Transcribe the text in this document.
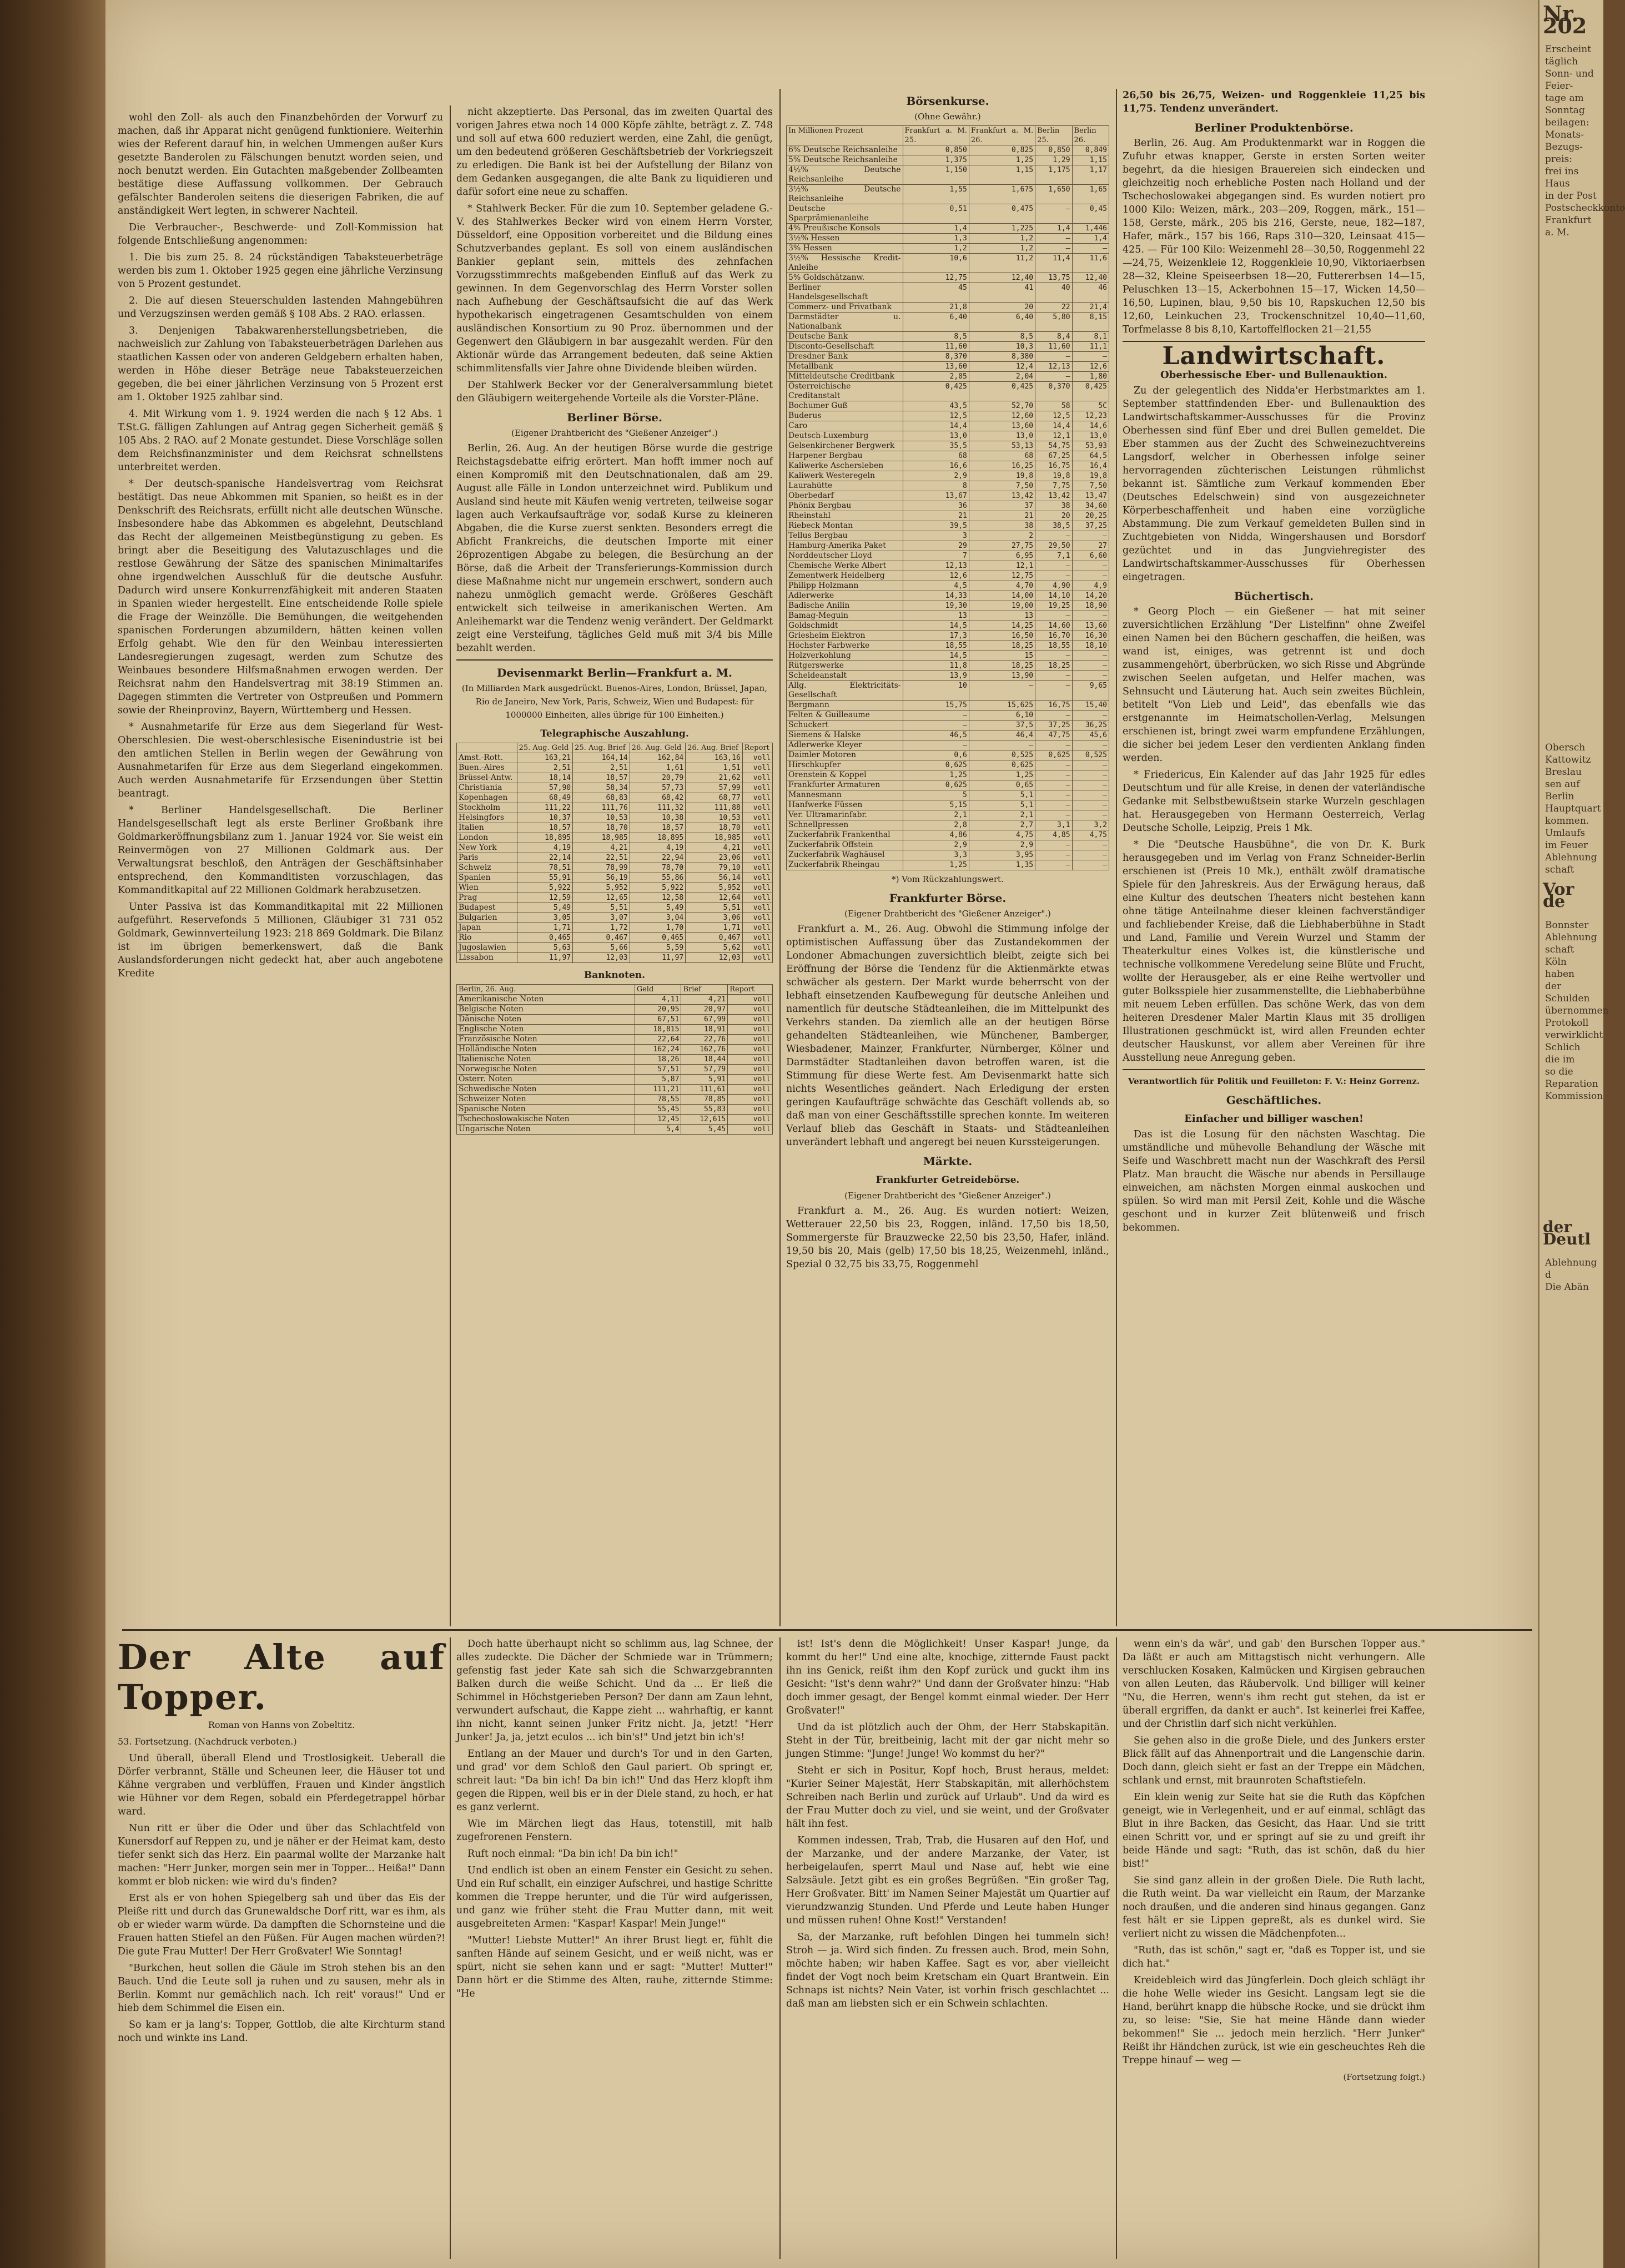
wohl den Zoll- als auch den Finanzbehörden der Vorwurf zu machen, daß ihr Apparat nicht genügend funktioniere. Weiterhin wies der Referent darauf hin, in welchen Ummengen außer Kurs gesetzte Banderolen zu Fälschungen benutzt worden seien, und noch benutzt werden. Ein Gutachten maßgebender Zollbeamten bestätige diese Auffassung vollkommen. Der Gebrauch gefälschter Banderolen seitens die dieserigen Fabriken, die auf anständigkeit Wert legten, in schwerer Nachteil.

Die Verbraucher-, Beschwerde- und Zoll-Kommission hat folgende Entschließung angenommen:

1. Die bis zum 25. 8. 24 rückständigen Tabaksteuerbeträge werden bis zum 1. Oktober 1925 gegen eine jährliche Verzinsung von 5 Prozent gestundet.

2. Die auf diesen Steuerschulden lastenden Mahngebühren und Verzugszinsen werden gemäß § 108 Abs. 2 RAO. erlassen.

3. Denjenigen Tabakwarenherstellungsbetrieben, die nachweislich zur Zahlung von Tabaksteuerbeträgen Darlehen aus staatlichen Kassen oder von anderen Geldgebern erhalten haben, werden in Höhe dieser Beträge neue Tabaksteuerzeichen gegeben, die bei einer jährlichen Verzinsung von 5 Prozent erst am 1. Oktober 1925 zahlbar sind.

4. Mit Wirkung vom 1. 9. 1924 werden die nach § 12 Abs. 1 T.St.G. fälligen Zahlungen auf Antrag gegen Sicherheit gemäß § 105 Abs. 2 RAO. auf 2 Monate gestundet. Diese Vorschläge sollen dem Reichsfinanzminister und dem Reichsrat schnellstens unterbreitet werden.

* Der deutsch-spanische Handelsvertrag vom Reichsrat bestätigt. Das neue Abkommen mit Spanien, so heißt es in der Denkschrift des Reichsrats, erfüllt nicht alle deutschen Wünsche. Insbesondere habe das Abkommen es abgelehnt, Deutschland das Recht der allgemeinen Meistbegünstigung zu geben. Es bringt aber die Beseitigung des Valutazuschlages und die restlose Gewährung der Sätze des spanischen Minimaltarifes ohne irgendwelchen Ausschluß für die deutsche Ausfuhr. Dadurch wird unsere Konkurrenzfähigkeit mit anderen Staaten in Spanien wieder hergestellt. Eine entscheidende Rolle spiele die Frage der Weinzölle. Die Bemühungen, die weitgehenden spanischen Forderungen abzumildern, hätten keinen vollen Erfolg gehabt. Wie den für den Weinbau interessierten Landesregierungen zugesagt, werden zum Schutze des Weinbaues besondere Hilfsmaßnahmen erwogen werden. Der Reichsrat nahm den Handelsvertrag mit 38:19 Stimmen an. Dagegen stimmten die Vertreter von Ostpreußen und Pommern sowie der Rheinprovinz, Bayern, Württemberg und Hessen.

* Ausnahmetarife für Erze aus dem Siegerland für West-Oberschlesien. Die west-oberschlesische Eisenindustrie ist bei den amtlichen Stellen in Berlin wegen der Gewährung von Ausnahmetarifen für Erze aus dem Siegerland eingekommen. Auch werden Ausnahmetarife für Erzsendungen über Stettin beantragt.

* Berliner Handelsgesellschaft. Die Berliner Handelsgesellschaft legt als erste Berliner Großbank ihre Goldmarkeröffnungsbilanz zum 1. Januar 1924 vor. Sie weist ein Reinvermögen von 27 Millionen Goldmark aus. Der Verwaltungsrat beschloß, den Anträgen der Geschäftsinhaber entsprechend, den Kommanditisten vorzuschlagen, das Kommanditkapital auf 22 Millionen Goldmark herabzusetzen.

Unter Passiva ist das Kommanditkapital mit 22 Millionen aufgeführt. Reservefonds 5 Millionen, Gläubiger 31 731 052 Goldmark, Gewinnverteilung 1923: 218 869 Goldmark. Die Bilanz ist im übrigen bemerkenswert, daß die Bank Auslandsforderungen nicht gedeckt hat, aber auch angebotene Kredite

nicht akzeptierte. Das Personal, das im zweiten Quartal des vorigen Jahres etwa noch 14 000 Köpfe zählte, beträgt z. Z. 748 und soll auf etwa 600 reduziert werden, eine Zahl, die genügt, um den bedeutend größeren Geschäftsbetrieb der Vorkriegszeit zu erledigen. Die Bank ist bei der Aufstellung der Bilanz von dem Gedanken ausgegangen, die alte Bank zu liquidieren und dafür sofort eine neue zu schaffen.

* Stahlwerk Becker. Für die zum 10. September geladene G.-V. des Stahlwerkes Becker wird von einem Herrn Vorster, Düsseldorf, eine Opposition vorbereitet und die Bildung eines Schutzverbandes geplant. Es soll von einem ausländischen Bankier geplant sein, mittels des zehnfachen Vorzugsstimmrechts maßgebenden Einfluß auf das Werk zu gewinnen. In dem Gegenvorschlag des Herrn Vorster sollen nach Aufhebung der Geschäftsaufsicht die auf das Werk hypothekarisch eingetragenen Gesamtschulden von einem ausländischen Konsortium zu 90 Proz. übernommen und der Gegenwert den Gläubigern in bar ausgezahlt werden. Für den Aktionär würde das Arrangement bedeuten, daß seine Aktien schimmlitensfalls vier Jahre ohne Dividende bleiben würden.

Der Stahlwerk Becker vor der Generalversammlung bietet den Gläubigern weitergehende Vorteile als die Vorster-Pläne.

Berliner Börse.
(Eigener Drahtbericht des "Gießener Anzeiger".)

Berlin, 26. Aug. An der heutigen Börse wurde die gestrige Reichstagsdebatte eifrig erörtert. Man hofft immer noch auf einen Kompromiß mit den Deutschnationalen, daß am 29. August alle Fälle in London unterzeichnet wird. Publikum und Ausland sind heute mit Käufen wenig vertreten, teilweise sogar lagen auch Verkaufsaufträge vor, sodaß Kurse zu kleineren Abgaben, die die Kurse zuerst senkten. Besonders erregt die Abficht Frankreichs, die deutschen Importe mit einer 26prozentigen Abgabe zu belegen, die Besürchung an der Börse, daß die Arbeit der Transferierungs-Kommission durch diese Maßnahme nicht nur ungemein erschwert, sondern auch nahezu unmöglich gemacht werde. Größeres Geschäft entwickelt sich teilweise in amerikanischen Werten. Am Anleihemarkt war die Tendenz wenig verändert. Der Geldmarkt zeigt eine Versteifung, tägliches Geld muß mit 3/4 bis Mille bezahlt werden.

Devisenmarkt Berlin—Frankfurt a. M.
(In Milliarden Mark ausgedrückt. Buenos-Aires, London, Brüssel, Japan, Rio de Janeiro, New York, Paris, Schweiz, Wien und Budapest: für 1000000 Einheiten, alles übrige für 100 Einheiten.)
Telegraphische Auszahlung.
	25. Aug. Geld	25. Aug. Brief	26. Aug. Geld	26. Aug. Brief	Report
Amst.-Rott.	163,21	164,14	162,84	163,16	voll
Buen.-Aires	2,51	2,51	1,61	1,51	voll
Brüssel-Antw.	18,14	18,57	20,79	21,62	voll
Christiania	57,90	58,34	57,73	57,99	voll
Kopenhagen	68,49	68,83	68,42	68,77	voll
Stockholm	111,22	111,76	111,32	111,88	voll
Helsingfors	10,37	10,53	10,38	10,53	voll
Italien	18,57	18,70	18,57	18,70	voll
London	18,895	18,985	18,895	18,985	voll
New York	4,19	4,21	4,19	4,21	voll
Paris	22,14	22,51	22,94	23,06	voll
Schweiz	78,51	78,99	78,70	79,10	voll
Spanien	55,91	56,19	55,86	56,14	voll
Wien	5,922	5,952	5,922	5,952	voll
Prag	12,59	12,65	12,58	12,64	voll
Budapest	5,49	5,51	5,49	5,51	voll
Bulgarien	3,05	3,07	3,04	3,06	voll
Japan	1,71	1,72	1,70	1,71	voll
Rio	0,465	0,467	0,465	0,467	voll
Jugoslawien	5,63	5,66	5,59	5,62	voll
Lissabon	11,97	12,03	11,97	12,03	voll
Banknoten.
Berlin, 26. Aug.	Geld	Brief	Report
Amerikanische Noten	4,11	4,21	voll
Belgische Noten	20,95	20,97	voll
Dänische Noten	67,51	67,99	voll
Englische Noten	18,815	18,91	voll
Französische Noten	22,64	22,76	voll
Holländische Noten	162,24	162,76	voll
Italienische Noten	18,26	18,44	voll
Norwegische Noten	57,51	57,79	voll
Österr. Noten	5,87	5,91	voll
Schwedische Noten	111,21	111,61	voll
Schweizer Noten	78,55	78,85	voll
Spanische Noten	55,45	55,83	voll
Tschechoslowakische Noten	12,45	12,615	voll
Ungarische Noten	5,4	5,45	voll
Börsenkurse.
(Ohne Gewähr.)
In Millionen Prozent	Frankfurt a. M. 25.	Frankfurt a. M. 26.	Berlin 25.	Berlin 26.
6% Deutsche Reichsanleihe	0,850	0,825	0,850	0,849
5% Deutsche Reichsanleihe	1,375	1,25	1,29	1,15
4½% Deutsche Reichsanleihe	1,150	1,15	1,175	1,17
3½% Deutsche Reichsanleihe	1,55	1,675	1,650	1,65
Deutsche Sparprämienanleihe	0,51	0,475	—	0,45
4% Preußische Konsols	1,4	1,225	1,4	1,446
3½% Hessen	1,3	1,2	—	1,4
3% Hessen	1,2	1,2	—	—
3½% Hessische Kredit-Anleihe	10,6	11,2	11,4	11,6
5% Goldschätzanw.	12,75	12,40	13,75	12,40
Berliner Handelsgesellschaft	45	41	40	46
Commerz- und Privatbank	21,8	20	22	21,4
Darmstädter u. Nationalbank	6,40	6,40	5,80	8,15
Deutsche Bank	8,5	8,5	8,4	8,1
Disconto-Gesellschaft	11,60	10,3	11,60	11,1
Dresdner Bank	8,370	8,380	—	—
Metallbank	13,60	12,4	12,13	12,6
Mitteldeutsche Creditbank	2,05	2,04	—	1,80
Österreichische Creditanstalt	0,425	0,425	0,370	0,425
Bochumer Guß	43,5	52,70	58	5C
Buderus	12,5	12,60	12,5	12,23
Caro	14,4	13,60	14,4	14,6
Deutsch-Luxemburg	13,0	13,0	12,1	13,0
Gelsenkirchener Bergwerk	35,5	53,13	54,75	53,93
Harpener Bergbau	68	68	67,25	64,5
Kaliwerke Aschersleben	16,6	16,25	16,75	16,4
Kaliwerk Westeregeln	2,9	19,8	19,8	19,8
Laurahütte	8	7,50	7,75	7,50
Oberbedarf	13,67	13,42	13,42	13,47
Phönix Bergbau	36	37	38	34,60
Rheinstahl	21	21	20	20,25
Riebeck Montan	39,5	38	38,5	37,25
Tellus Bergbau	3	2	—	—
Hamburg-Amerika Paket	29	27,75	29,50	27
Norddeutscher Lloyd	7	6,95	7,1	6,60
Chemische Werke Albert	12,13	12,1	—	—
Zementwerk Heidelberg	12,6	12,75	—	—
Philipp Holzmann	4,5	4,70	4,90	4,9
Adlerwerke	14,33	14,00	14,10	14,20
Badische Anilin	19,30	19,00	19,25	18,90
Bamag-Meguin	13	13	—	—
Goldschmidt	14,5	14,25	14,60	13,60
Griesheim Elektron	17,3	16,50	16,70	16,30
Höchster Farbwerke	18,55	18,25	18,55	18,10
Holzverkohlung	14,5	15	—	—
Rütgerswerke	11,8	18,25	18,25	—
Scheideanstalt	13,9	13,90	—	—
Allg. Elektricitäts-Gesellschaft	10	—	—	9,65
Bergmann	15,75	15,625	16,75	15,40
Felten & Guilleaume	—	6,10	—	—
Schuckert	—	37,5	37,25	36,25
Siemens & Halske	46,5	46,4	47,75	45,6
Adlerwerke Kleyer	—	—	—	—
Daimler Motoren	0,6	0,525	0,625	0,525
Hirschkupfer	0,625	0,625	—	—
Orenstein & Koppel	1,25	1,25	—	—
Frankfurter Armaturen	0,625	0,65	—	—
Mannesmann	5	5,1	—	—
Hanfwerke Füssen	5,15	5,1	—	—
Ver. Ultramarinfabr.	2,1	2,1	—	—
Schnellpressen	2,8	2,7	3,1	3,2
Zuckerfabrik Frankenthal	4,86	4,75	4,85	4,75
Zuckerfabrik Offstein	2,9	2,9	—	—
Zuckerfabrik Waghäusel	3,3	3,95	—	—
Zuckerfabrik Rheingau	1,25	1,35	—	—
*) Vom Rückzahlungswert.
Frankfurter Börse.
(Eigener Drahtbericht des "Gießener Anzeiger".)

Frankfurt a. M., 26. Aug. Obwohl die Stimmung infolge der optimistischen Auffassung über das Zustandekommen der Londoner Abmachungen zuversichtlich bleibt, zeigte sich bei Eröffnung der Börse die Tendenz für die Aktienmärkte etwas schwächer als gestern. Der Markt wurde beherrscht von der lebhaft einsetzenden Kaufbewegung für deutsche Anleihen und namentlich für deutsche Städteanleihen, die im Mittelpunkt des Verkehrs standen. Da ziemlich alle an der heutigen Börse gehandelten Städteanleihen, wie Münchener, Bamberger, Wiesbadener, Mainzer, Frankfurter, Nürnberger, Kölner und Darmstädter Stadtanleihen davon betroffen waren, ist die Stimmung für diese Werte fest. Am Devisenmarkt hatte sich nichts Wesentliches geändert. Nach Erledigung der ersten geringen Kaufaufträge schwächte das Geschäft vollends ab, so daß man von einer Geschäftsstille sprechen konnte. Im weiteren Verlauf blieb das Geschäft in Staats- und Städteanleihen unverändert lebhaft und angeregt bei neuen Kurssteigerungen.

Märkte.
Frankfurter Getreidebörse.
(Eigener Drahtbericht des "Gießener Anzeiger".)

Frankfurt a. M., 26. Aug. Es wurden notiert: Weizen, Wetterauer 22,50 bis 23, Roggen, inländ. 17,50 bis 18,50, Sommergerste für Brauzwecke 22,50 bis 23,50, Hafer, inländ. 19,50 bis 20, Mais (gelb) 17,50 bis 18,25, Weizenmehl, inländ., Spezial 0 32,75 bis 33,75, Roggenmehl

26,50 bis 26,75, Weizen- und Roggenkleie 11,25 bis 11,75. Tendenz unverändert.

Berliner Produktenbörse.

Berlin, 26. Aug. Am Produktenmarkt war in Roggen die Zufuhr etwas knapper, Gerste in ersten Sorten weiter begehrt, da die hiesigen Brauereien sich eindecken und gleichzeitig noch erhebliche Posten nach Holland und der Tschechoslowakei abgegangen sind. Es wurden notiert pro 1000 Kilo: Weizen, märk., 203—209, Roggen, märk., 151—158, Gerste, märk., 205 bis 216, Gerste, neue, 182—187, Hafer, märk., 157 bis 166, Raps 310—320, Leinsaat 415—425. — Für 100 Kilo: Weizenmehl 28—30,50, Roggenmehl 22—24,75, Weizenkleie 12, Roggenkleie 10,90, Viktoriaerbsen 28—32, Kleine Speiseerbsen 18—20, Futtererbsen 14—15, Peluschken 13—15, Ackerbohnen 15—17, Wicken 14,50—16,50, Lupinen, blau, 9,50 bis 10, Rapskuchen 12,50 bis 12,60, Leinkuchen 23, Trockenschnitzel 10,40—11,60, Torfmelasse 8 bis 8,10, Kartoffelflocken 21—21,55

Landwirtschaft.
Oberhessische Eber- und Bullenauktion.

Zu der gelegentlich des Nidda'er Herbstmarktes am 1. September stattfindenden Eber- und Bullenauktion des Landwirtschaftskammer-Ausschusses für die Provinz Oberhessen sind fünf Eber und drei Bullen gemeldet. Die Eber stammen aus der Zucht des Schweinezuchtvereins Langsdorf, welcher in Oberhessen infolge seiner hervorragenden züchterischen Leistungen rühmlichst bekannt ist. Sämtliche zum Verkauf kommenden Eber (Deutsches Edelschwein) sind von ausgezeichneter Körperbeschaffenheit und haben eine vorzügliche Abstammung. Die zum Verkauf gemeldeten Bullen sind in Zuchtgebieten von Nidda, Wingershausen und Borsdorf gezüchtet und in das Jungviehregister des Landwirtschaftskammer-Ausschusses für Oberhessen eingetragen.

Büchertisch.

* Georg Ploch — ein Gießener — hat mit seiner zuversichtlichen Erzählung "Der Listelfinn" ohne Zweifel einen Namen bei den Büchern geschaffen, die heißen, was wand ist, einiges, was getrennt ist und doch zusammengehört, überbrücken, wo sich Risse und Abgründe zwischen Seelen aufgetan, und Helfer machen, was Sehnsucht und Läuterung hat. Auch sein zweites Büchlein, betitelt "Von Lieb und Leid", das ebenfalls wie das erstgenannte im Heimatschollen-Verlag, Melsungen erschienen ist, bringt zwei warm empfundene Erzählungen, die sicher bei jedem Leser den verdienten Anklang finden werden.

* Friedericus, Ein Kalender auf das Jahr 1925 für edles Deutschtum und für alle Kreise, in denen der vaterländische Gedanke mit Selbstbewußtsein starke Wurzeln geschlagen hat. Herausgegeben von Hermann Oesterreich, Verlag Deutsche Scholle, Leipzig, Preis 1 Mk.

* Die "Deutsche Hausbühne", die von Dr. K. Burk herausgegeben und im Verlag von Franz Schneider-Berlin erschienen ist (Preis 10 Mk.), enthält zwölf dramatische Spiele für den Jahreskreis. Aus der Erwägung heraus, daß eine Kultur des deutschen Theaters nicht bestehen kann ohne tätige Anteilnahme dieser kleinen fachverständiger und fachliebender Kreise, daß die Liebhaberbühne in Stadt und Land, Familie und Verein Wurzel und Stamm der Theaterkultur eines Volkes ist, die künstlerische und technische vollkommene Veredelung seine Blüte und Frucht, wollte der Herausgeber, als er eine Reihe wertvoller und guter Bolksspiele hier zusammenstellte, die Liebhaberbühne mit neuem Leben erfüllen. Das schöne Werk, das von dem heiteren Dresdener Maler Martin Klaus mit 35 drolligen Illustrationen geschmückt ist, wird allen Freunden echter deutscher Hauskunst, vor allem aber Vereinen für ihre Ausstellung neue Anregung geben.

Verantwortlich für Politik und Feuilleton: F. V.: Heinz Gorrenz.
Geschäftliches.
Einfacher und billiger waschen!

Das ist die Losung für den nächsten Waschtag. Die umständliche und mühevolle Behandlung der Wäsche mit Seife und Waschbrett macht nun der Waschkraft des Persil Platz. Man braucht die Wäsche nur abends in Persillauge einweichen, am nächsten Morgen einmal auskochen und spülen. So wird man mit Persil Zeit, Kohle und die Wäsche geschont und in kurzer Zeit blütenweiß und frisch bekommen.

Der Alte auf Topper.
Roman von Hanns von Zobeltitz.
53. Fortsetzung. (Nachdruck verboten.)

Und überall, überall Elend und Trostlosigkeit. Ueberall die Dörfer verbrannt, Ställe und Scheunen leer, die Häuser tot und Kähne vergraben und verblüffen, Frauen und Kinder ängstlich wie Hühner vor dem Regen, sobald ein Pferdegetrappel hörbar ward.

Nun ritt er über die Oder und über das Schlachtfeld von Kunersdorf auf Reppen zu, und je näher er der Heimat kam, desto tiefer senkt sich das Herz. Ein paarmal wollte der Marzanke halt machen: "Herr Junker, morgen sein mer in Topper... Heißa!" Dann kommt er blob nicken: wie wird du's finden?

Erst als er von hohen Spiegelberg sah und über das Eis der Pleiße ritt und durch das Grunewaldsche Dorf ritt, war es ihm, als ob er wieder warm würde. Da dampften die Schornsteine und die Frauen hatten Stiefel an den Füßen. Für Augen machen würden?! Die gute Frau Mutter! Der Herr Großvater! Wie Sonntag!

"Burkchen, heut sollen die Gäule im Stroh stehen bis an den Bauch. Und die Leute soll ja ruhen und zu sausen, mehr als in Berlin. Kommt nur gemächlich nach. Ich reit' voraus!" Und er hieb dem Schimmel die Eisen ein.

So kam er ja lang's: Topper, Gottlob, die alte Kirchturm stand noch und winkte ins Land.

Doch hatte überhaupt nicht so schlimm aus, lag Schnee, der alles zudeckte. Die Dächer der Schmiede war in Trümmern; gefenstig fast jeder Kate sah sich die Schwarzgebrannten Balken durch die weiße Schicht. Und da ... Er ließ die Schimmel in Höchstgerieben Person? Der dann am Zaun lehnt, verwundert aufschaut, die Kappe zieht ... wahrhaftig, er kannt ihn nicht, kannt seinen Junker Fritz nicht. Ja, jetzt! "Herr Junker! Ja, ja, jetzt eculos ... ich bin's!" Und jetzt bin ich's!

Entlang an der Mauer und durch's Tor und in den Garten, und grad' vor dem Schloß den Gaul pariert. Ob springt er, schreit laut: "Da bin ich! Da bin ich!" Und das Herz klopft ihm gegen die Rippen, weil bis er in der Diele stand, zu hoch, er hat es ganz verlernt.

Wie im Märchen liegt das Haus, totenstill, mit halb zugefrorenen Fenstern.

Ruft noch einmal: "Da bin ich! Da bin ich!"

Und endlich ist oben an einem Fenster ein Gesicht zu sehen. Und ein Ruf schallt, ein einziger Aufschrei, und hastige Schritte kommen die Treppe herunter, und die Tür wird aufgerissen, und ganz wie früher steht die Frau Mutter dann, mit weit ausgebreiteten Armen: "Kaspar! Kaspar! Mein Junge!"

"Mutter! Liebste Mutter!" An ihrer Brust liegt er, fühlt die sanften Hände auf seinem Gesicht, und er weiß nicht, was er spürt, nicht sie sehen kann und er sagt: "Mutter! Mutter!" Dann hört er die Stimme des Alten, rauhe, zitternde Stimme: "He

ist! Ist's denn die Möglichkeit! Unser Kaspar! Junge, da kommt du her!" Und eine alte, knochige, zitternde Faust packt ihn ins Genick, reißt ihm den Kopf zurück und guckt ihm ins Gesicht: "Ist's denn wahr?" Und dann der Großvater hinzu: "Hab doch immer gesagt, der Bengel kommt einmal wieder. Der Herr Großvater!"

Und da ist plötzlich auch der Ohm, der Herr Stabskapitän. Steht in der Tür, breitbeinig, lacht mit der gar nicht mehr so jungen Stimme: "Junge! Junge! Wo kommst du her?"

Steht er sich in Positur, Kopf hoch, Brust heraus, meldet: "Kurier Seiner Majestät, Herr Stabskapitän, mit allerhöchstem Schreiben nach Berlin und zurück auf Urlaub". Und da wird es der Frau Mutter doch zu viel, und sie weint, und der Großvater hält ihn fest.

Kommen indessen, Trab, Trab, die Husaren auf den Hof, und der Marzanke, und der andere Marzanke, der Vater, ist herbeigelaufen, sperrt Maul und Nase auf, hebt wie eine Salzsäule. Jetzt gibt es ein großes Begrüßen. "Ein großer Tag, Herr Großvater. Bitt' im Namen Seiner Majestät um Quartier auf vierundzwanzig Stunden. Und Pferde und Leute haben Hunger und müssen ruhen! Ohne Kost!" Verstanden!

Sa, der Marzanke, ruft befohlen Dingen hei tummeln sich! Stroh — ja. Wird sich finden. Zu fressen auch. Brod, mein Sohn, möchte haben; wir haben Kaffee. Sagt es vor, aber vielleicht findet der Vogt noch beim Kretscham ein Quart Brantwein. Ein Schnaps ist nichts? Nein Vater, ist vorhin frisch geschlachtet ... daß man am liebsten sich er ein Schwein schlachten.

wenn ein's da wär', und gab' den Burschen Topper aus." Da läßt er auch am Mittagstisch nicht verhungern. Alle verschlucken Kosaken, Kalmücken und Kirgisen gebrauchen von allen Leuten, das Räubervolk. Und billiger will keiner "Nu, die Herren, wenn's ihm recht gut stehen, da ist er überall ergriffen, da dankt er auch". Ist keinerlei frei Kaffee, und der Christlin darf sich nicht verkühlen.

Sie gehen also in die große Diele, und des Junkers erster Blick fällt auf das Ahnenportrait und die Langenschie darin. Doch dann, gleich sieht er fast an der Treppe ein Mädchen, schlank und ernst, mit braunroten Schaftstiefeln.

Ein klein wenig zur Seite hat sie die Ruth das Köpfchen geneigt, wie in Verlegenheit, und er auf einmal, schlägt das Blut in ihre Backen, das Gesicht, das Haar. Und sie tritt einen Schritt vor, und er springt auf sie zu und greift ihr beide Hände und sagt: "Ruth, das ist schön, daß du hier bist!"

Sie sind ganz allein in der großen Diele. Die Ruth lacht, die Ruth weint. Da war vielleicht ein Raum, der Marzanke noch draußen, und die anderen sind hinaus gegangen. Ganz fest hält er sie Lippen gepreßt, als es dunkel wird. Sie verliert nicht zu wissen die Mädchenpfoten...

"Ruth, das ist schön," sagt er, "daß es Topper ist, und sie dich hat."

Kreidebleich wird das Jüngferlein. Doch gleich schlägt ihr die hohe Welle wieder ins Gesicht. Langsam legt sie die Hand, berührt knapp die hübsche Rocke, und sie drückt ihm zu, so leise: "Sie, Sie hat meine Hände dann wieder bekommen!" Sie ... jedoch mein herzlich. "Herr Junker" Reißt ihr Händchen zurück, ist wie ein gescheuchtes Reh die Treppe hinauf — weg —

(Fortsetzung folgt.)
Nr. 202
Erscheint täglich
Sonn- und Feier-
tage am Sonntag
beilagen:
Monats-Bezugs-
preis:
frei ins Haus
in der Post
Postscheckkonto
Frankfurt a. M.
Obersch
Kattowitz
Breslau
sen auf
Berlin
Hauptquart
kommen.
Umlaufs
im Feuer
Ablehnung
schaft
Vor de
Bonnster
Ablehnung
schaft
Köln
haben
der
Schulden
übernommen
Protokoll
verwirklicht
Schlich
die im
so die
Reparation
Kommission
der Deutl
Ablehnung d
Die Abän
